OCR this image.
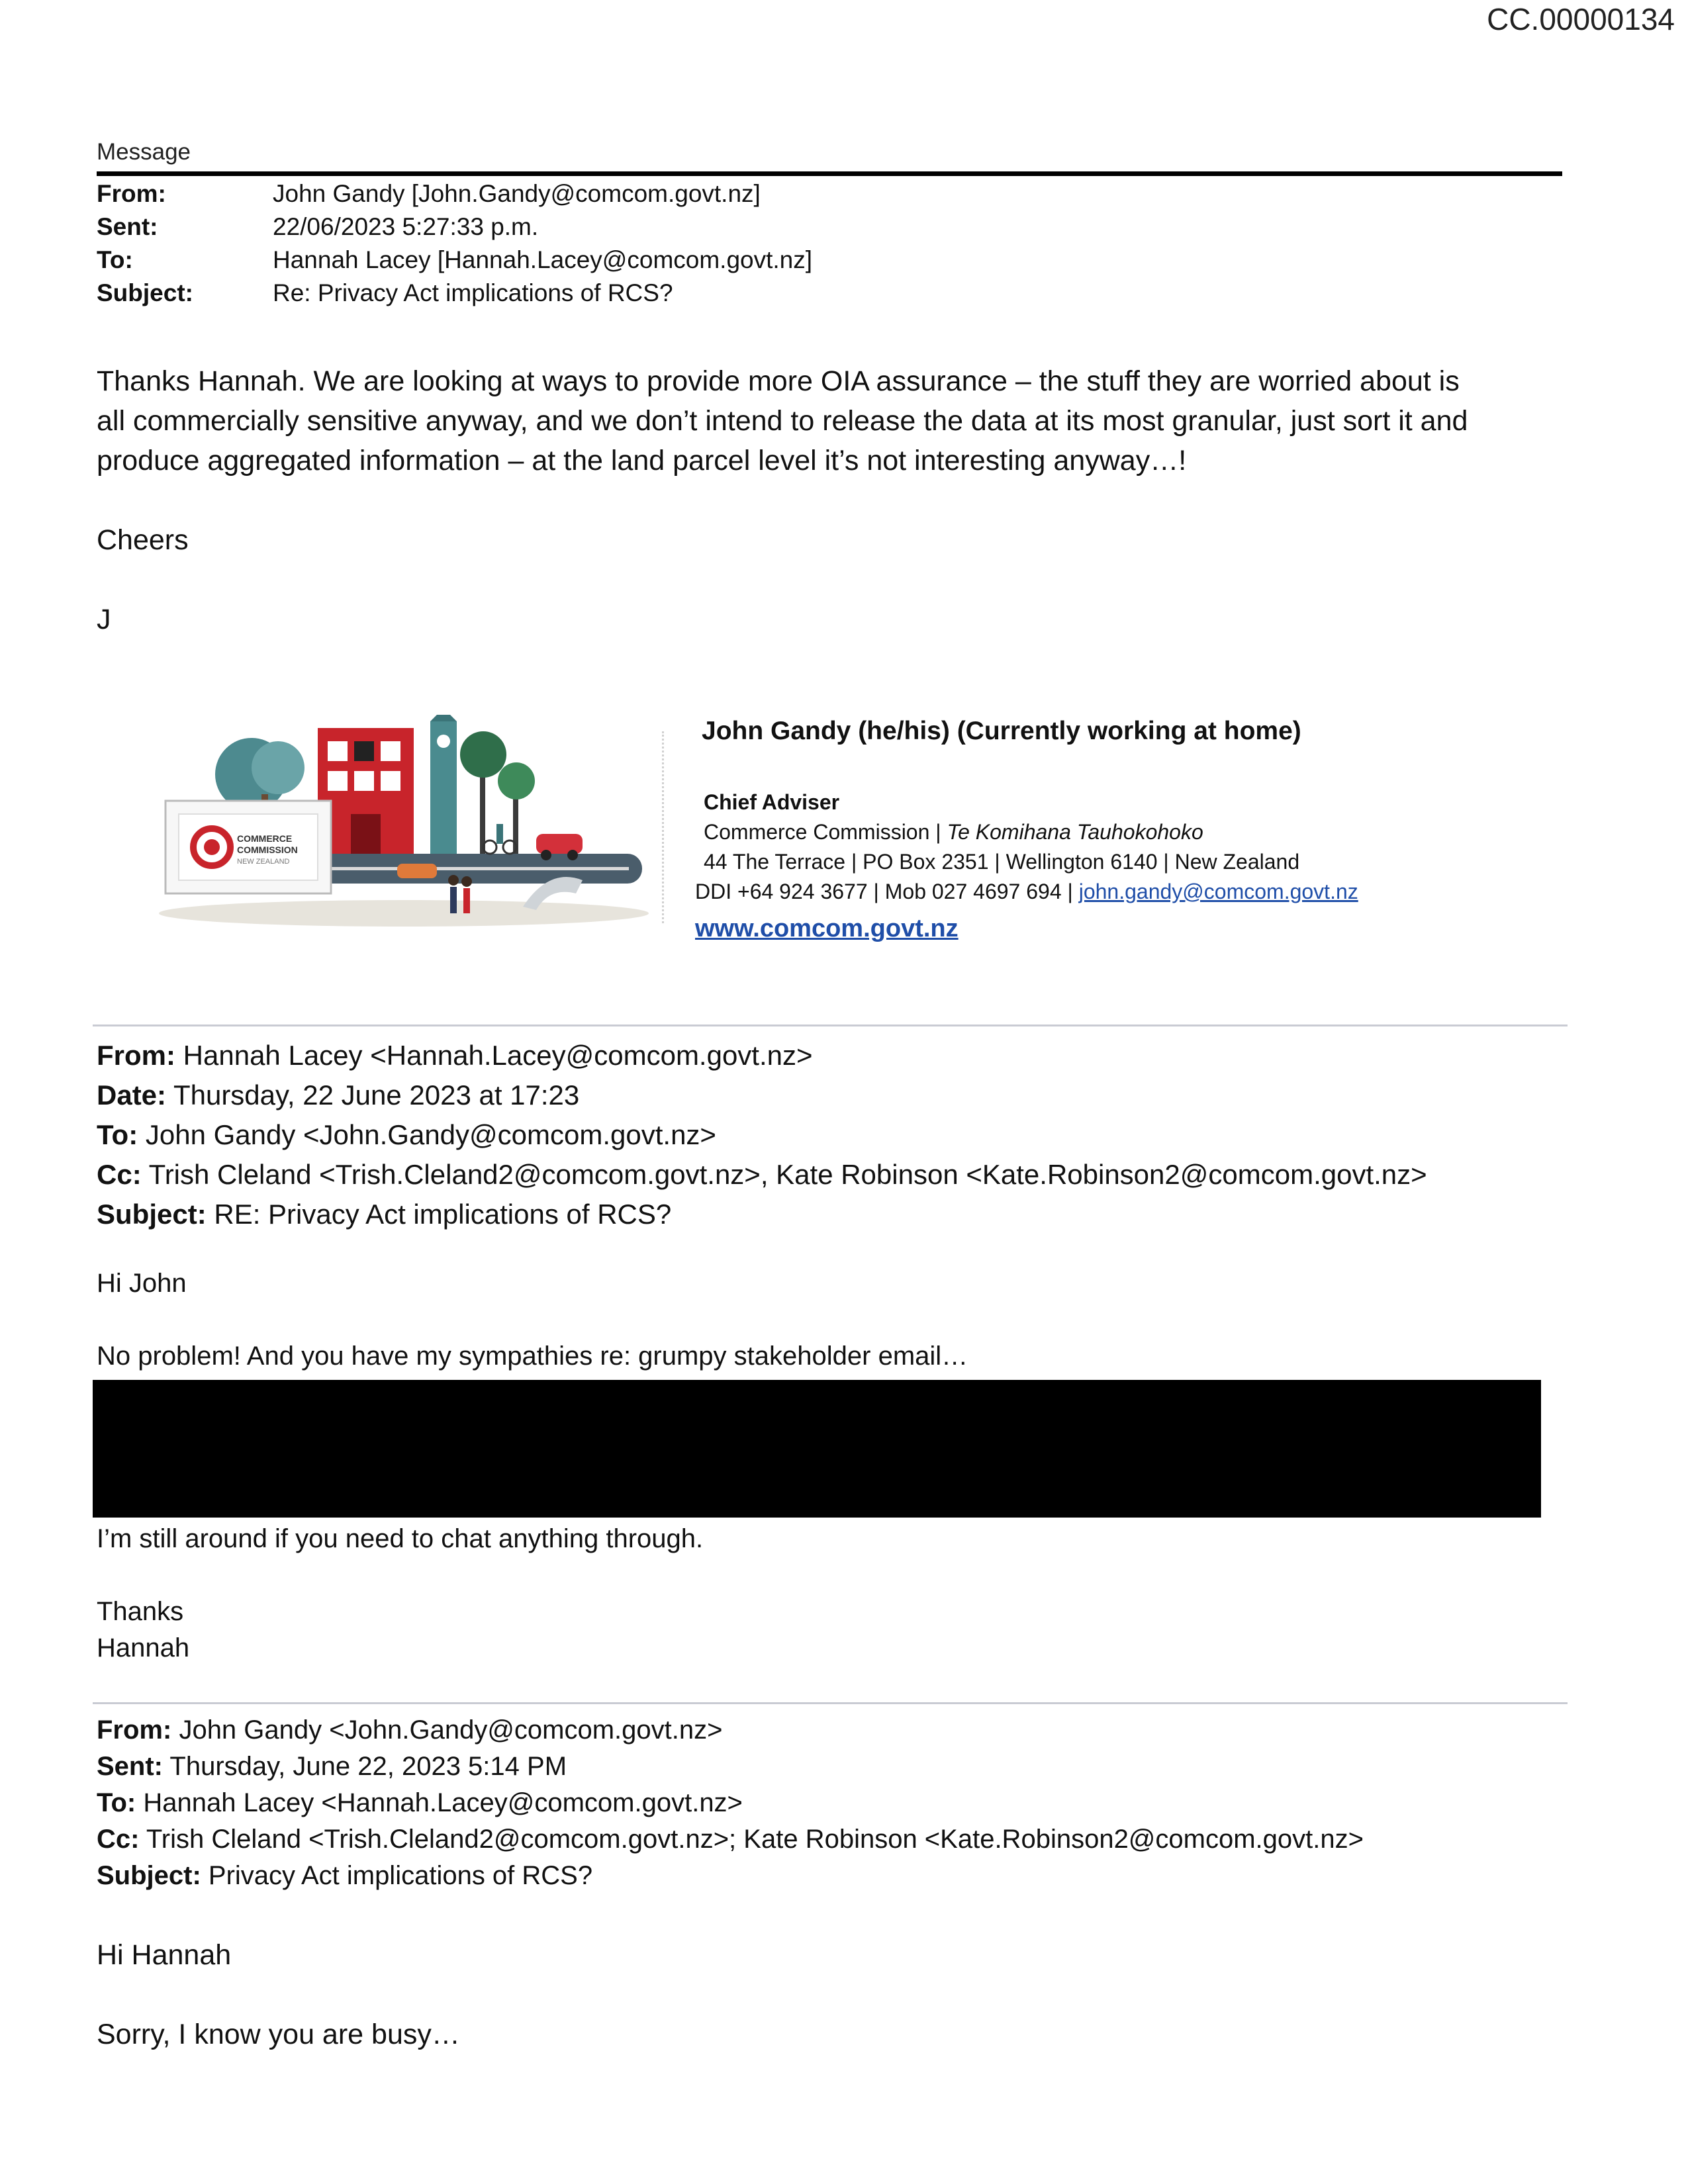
CC.00000134
Message
From:	John Gandy [John.Gandy@comcom.govt.nz]
Sent:	22/06/2023 5:27:33 p.m.
To:	Hannah Lacey [Hannah.Lacey@comcom.govt.nz]
Subject:	Re: Privacy Act implications of RCS?
Thanks Hannah. We are looking at ways to provide more OIA assurance – the stuff they are worried about is
all commercially sensitive anyway, and we don’t intend to release the data at its most granular, just sort it and
produce aggregated information – at the land parcel level it’s not interesting anyway…!
Cheers
J
COMMERCE
COMMISSION
NEW ZEALAND
John Gandy (he/his) (Currently working at home)
Chief Adviser
Commerce Commission | Te Komihana Tauhokohoko
44 The Terrace | PO Box 2351 | Wellington 6140 | New Zealand
DDI +64 924 3677 | Mob 027 4697 694 | john.gandy@comcom.govt.nz
www.comcom.govt.nz
From: Hannah Lacey <Hannah.Lacey@comcom.govt.nz>
Date: Thursday, 22 June 2023 at 17:23
To: John Gandy <John.Gandy@comcom.govt.nz>
Cc: Trish Cleland <Trish.Cleland2@comcom.govt.nz>, Kate Robinson <Kate.Robinson2@comcom.govt.nz>
Subject: RE: Privacy Act implications of RCS?
Hi John
No problem! And you have my sympathies re: grumpy stakeholder email…
I’m still around if you need to chat anything through.
Thanks
Hannah
From: John Gandy <John.Gandy@comcom.govt.nz>
Sent: Thursday, June 22, 2023 5:14 PM
To: Hannah Lacey <Hannah.Lacey@comcom.govt.nz>
Cc: Trish Cleland <Trish.Cleland2@comcom.govt.nz>; Kate Robinson <Kate.Robinson2@comcom.govt.nz>
Subject: Privacy Act implications of RCS?
Hi Hannah
Sorry, I know you are busy…
